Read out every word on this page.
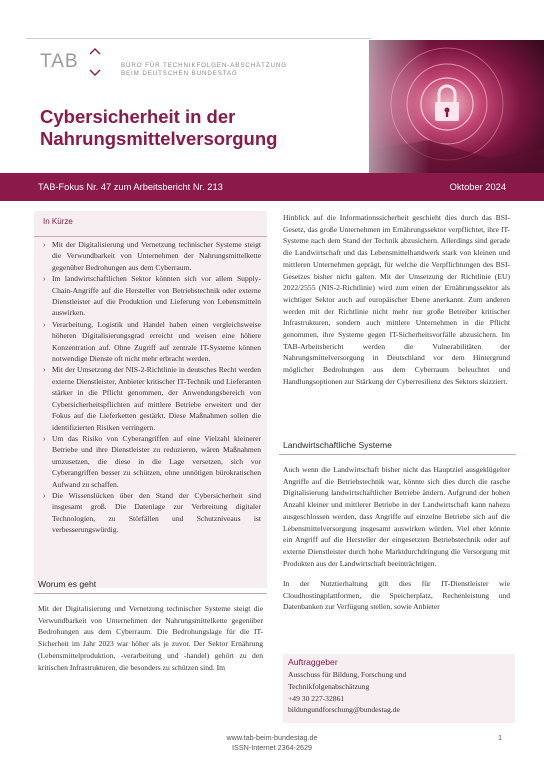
TAB	BÜRO FÜR TECHNIKFOLGEN-ABSCHÄTZUNG
BEIM DEUTSCHEN BUNDESTAG
Cybersicherheit in der Nahrungsmittelversorgung
TAB-Fokus Nr. 47 zum Arbeitsbericht Nr. 213	Oktober 2024
In Kürze
› Mit der Digitalisierung und Vernetzung technischer Systeme steigt die Verwundbarkeit von Unternehmen der Nahrungsmittelkette gegenüber Bedrohungen aus dem Cyberraum.
› Im landwirtschaftlichen Sektor könnten sich vor allem Supply-Chain-Angriffe auf die Hersteller von Betriebstechnik oder externe Dienstleister auf die Produktion und Lieferung von Lebensmitteln auswirken.
› Verarbeitung, Logistik und Handel haben einen vergleichsweise höheren Digitalisierungsgrad erreicht und weisen eine höhere Konzentration auf. Ohne Zugriff auf zentrale IT-Systeme können notwendige Dienste oft nicht mehr erbracht werden.
› Mit der Umsetzung der NIS-2-Richtlinie in deutsches Recht werden externe Dienstleister, Anbieter kritischer IT-Technik und Lieferanten stärker in die Pflicht genommen, der Anwendungsbereich von Cybersicherheitspflichten auf mittlere Betriebe erweitert und der Fokus auf die Lieferketten gestärkt. Diese Maßnahmen sollen die identifizierten Risiken verringern.
› Um das Risiko von Cyberangriffen auf eine Vielzahl kleinerer Betriebe und ihre Dienstleister zu reduzieren, wären Maßnahmen umzusetzen, die diese in die Lage versetzen, sich vor Cyberangriffen besser zu schützen, ohne unnötigen bürokratischen Aufwand zu schaffen.
› Die Wissenslücken über den Stand der Cybersicherheit sind insgesamt groß. Die Datenlage zur Verbreitung digitaler Technologien, zu Störfällen und Schutzniveaus ist verbesserungswürdig.
Worum es geht

Mit der Digitalisierung und Vernetzung technischer Systeme steigt die Verwundbarkeit von Unternehmen der Nahrungsmittelkette gegenüber Bedrohungen aus dem Cyberraum. Die Bedrohungslage für die IT-Sicherheit im Jahr 2023 war höher als je zuvor. Der Sektor Ernährung (Lebensmittelproduktion, -verarbeitung und -handel) gehört zu den kritischen Infrastrukturen, die besonders zu schützen sind. Im

Hinblick auf die Informationssicherheit geschieht dies durch das BSI-Gesetz, das große Unternehmen im Ernährungssektor verpflichtet, ihre IT-Systeme nach dem Stand der Technik abzusichern. Allerdings sind gerade die Landwirtschaft und das Lebensmittelhandwerk stark von kleinen und mittleren Unternehmen geprägt, für welche die Verpflichtungen des BSI-Gesetzes bisher nicht galten. Mit der Umsetzung der Richtlinie (EU) 2022/2555 (NIS-2-Richtlinie) wird zum einen der Ernährungssektor als wichtiger Sektor auch auf europäischer Ebene anerkannt. Zum anderen werden mit der Richtlinie nicht mehr nur große Betreiber kritischer Infrastrukturen, sondern auch mittlere Unternehmen in die Pflicht genommen, ihre Systeme gegen IT-Sicherheitsvorfälle abzusichern. Im TAB-Arbeitsbericht werden die Vulnerabilitäten der Nahrungsmittelversorgung in Deutschland vor dem Hintergrund möglicher Bedrohungen aus dem Cyberraum beleuchtet und Handlungsoptionen zur Stärkung der Cyberresilienz des Sektors skizziert.

Landwirtschaftliche Systeme

Auch wenn die Landwirtschaft bisher nicht das Hauptziel ausgeklügelter Angriffe auf die Betriebstechnik war, könnte sich dies durch die rasche Digitalisierung landwirtschaftlicher Betriebe ändern. Aufgrund der hohen Anzahl kleiner und mittlerer Betriebe in der Landwirtschaft kann nahezu ausgeschlossen werden, dass Angriffe auf einzelne Betriebe sich auf die Lebensmittelversorgung insgesamt auswirken würden. Viel eher könnte ein Angriff auf die Hersteller der eingesetzten Betriebstechnik oder auf externe Dienstleister durch hohe Marktdurchdringung die Versorgung mit Produkten aus der Landwirtschaft beeinträchtigen.

In der Nutztierhaltung gilt dies für IT-Dienstleister wie Cloudhostingplattformen, die Speicherplatz, Rechenleistung und Datenbanken zur Verfügung stellen, sowie Anbieter

Auftraggeber
Ausschuss für Bildung, Forschung und
Technikfolgenabschätzung
+49 30 227-32861
bildungundforschung@bundestag.de
www.tab-beim-bundestag.de
ISSN-Internet 2364-2629
1
